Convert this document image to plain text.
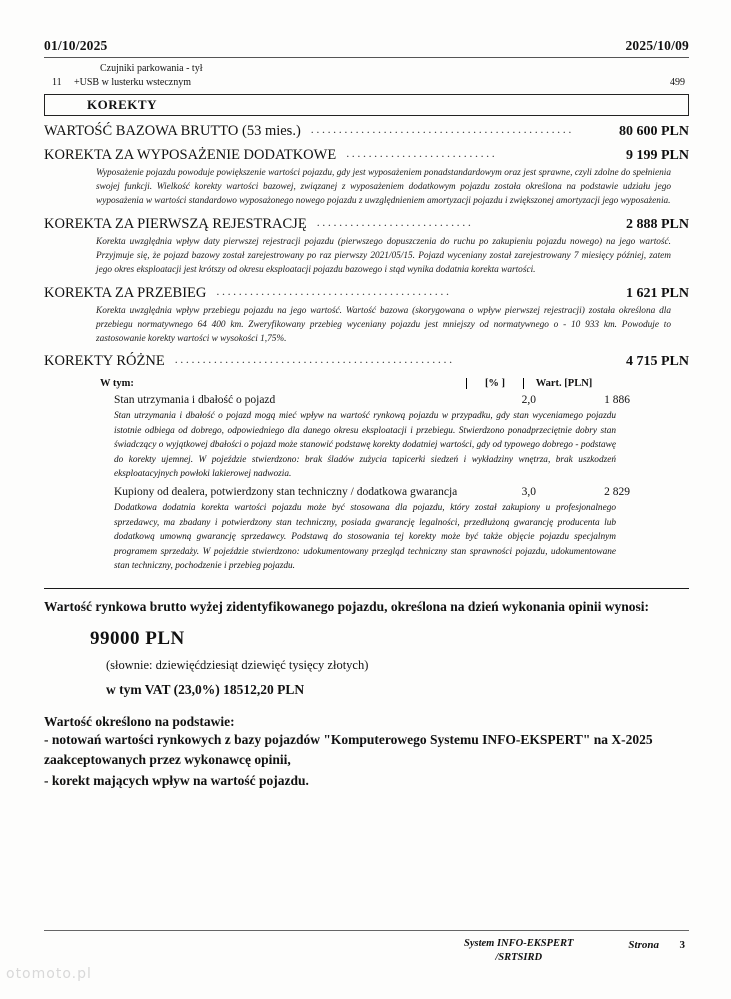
01/10/2025	2025/10/09
Czujniki parkowania - tył
11 +USB w lusterku wstecznym	499
KOREKTY
WARTOŚĆ BAZOWA BRUTTO (53 mies.) ...............................................	80 600 PLN
KOREKTA ZA WYPOSAŻENIE DODATKOWE ...........................	9 199 PLN
Wyposażenie pojazdu powoduje powiększenie wartości pojazdu, gdy jest wyposażeniem ponadstandardowym oraz jest sprawne, czyli zdolne do spełnienia swojej funkcji. Wielkość korekty wartości bazowej, związanej z wyposażeniem dodatkowym pojazdu została określona na podstawie udziału jego wyposażenia w wartości standardowo wyposażonego nowego pojazdu z uwzględnieniem amortyzacji pojazdu i zwiększonej amortyzacji jego wyposażenia.
KOREKTA ZA PIERWSZĄ REJESTRACJĘ ............................	2 888 PLN
Korekta uwzględnia wpływ daty pierwszej rejestracji pojazdu (pierwszego dopuszczenia do ruchu po zakupieniu pojazdu nowego) na jego wartość. Przyjmuje się, że pojazd bazowy został zarejestrowany po raz pierwszy 2021/05/15. Pojazd wyceniany został zarejestrowany 7 miesięcy później, zatem jego okres eksploatacji jest krótszy od okresu eksploatacji pojazdu bazowego i stąd wynika dodatnia korekta wartości.
KOREKTA ZA PRZEBIEG ..........................................	1 621 PLN
Korekta uwzględnia wpływ przebiegu pojazdu na jego wartość. Wartość bazowa (skorygowana o wpływ pierwszej rejestracji) została określona dla przebiegu normatywnego 64 400 km. Zweryfikowany przebieg wyceniany pojazdu jest mniejszy od normatywnego o - 10 933 km. Powoduje to zastosowanie korekty wartości w wysokości 1,75%.
KOREKTY RÓŻNE ..................................................	4 715 PLN
W tym:	[% ]	Wart. [PLN]
Stan utrzymania i dbałość o pojazd	2,0	1 886
Stan utrzymania i dbałość o pojazd mogą mieć wpływ na wartość rynkową pojazdu w przypadku, gdy stan wyceniamego pojazdu istotnie odbiega od dobrego, odpowiedniego dla danego okresu eksploatacji i przebiegu. Stwierdzono ponadprzeciętnie dobry stan świadczący o wyjątkowej dbałości o pojazd może stanowić podstawę korekty dodatniej wartości, gdy od typowego dobrego - podstawę do korekty ujemnej. W pojeździe stwierdzono: brak śladów zużycia tapicerki siedzeń i wykładziny wnętrza, brak uszkodzeń eksploatacyjnych powłoki lakierowej nadwozia.
Kupiony od dealera, potwierdzony stan techniczny / dodatkowa gwarancja	3,0	2 829
Dodatkowa dodatnia korekta wartości pojazdu może być stosowana dla pojazdu, który został zakupiony u profesjonalnego sprzedawcy, ma zbadany i potwierdzony stan techniczny, posiada gwarancję legalności, przedłużoną gwarancję producenta lub dodatkową umowną gwarancję sprzedawcy. Podstawą do stosowania tej korekty może być także objęcie pojazdu specjalnym programem sprzedaży. W pojeździe stwierdzono: udokumentowany przegląd techniczny stan sprawności pojazdu, udokumentowane stan techniczny, pochodzenie i przebieg pojazdu.
Wartość rynkowa brutto wyżej zidentyfikowanego pojazdu, określona na dzień wykonania opinii wynosi:
99000 PLN
(słownie: dziewięćdziesiąt dziewięć tysięcy złotych)
w tym VAT (23,0%) 18512,20 PLN
Wartość określono na podstawie:
- notowań wartości rynkowych z bazy pojazdów "Komputerowego Systemu INFO-EKSPERT" na X-2025 zaakceptowanych przez wykonawcę opinii,
- korekt mających wpływ na wartość pojazdu.
System INFO-EKSPERT
/SRTSIRD
Strona 3
otomoto.pl
